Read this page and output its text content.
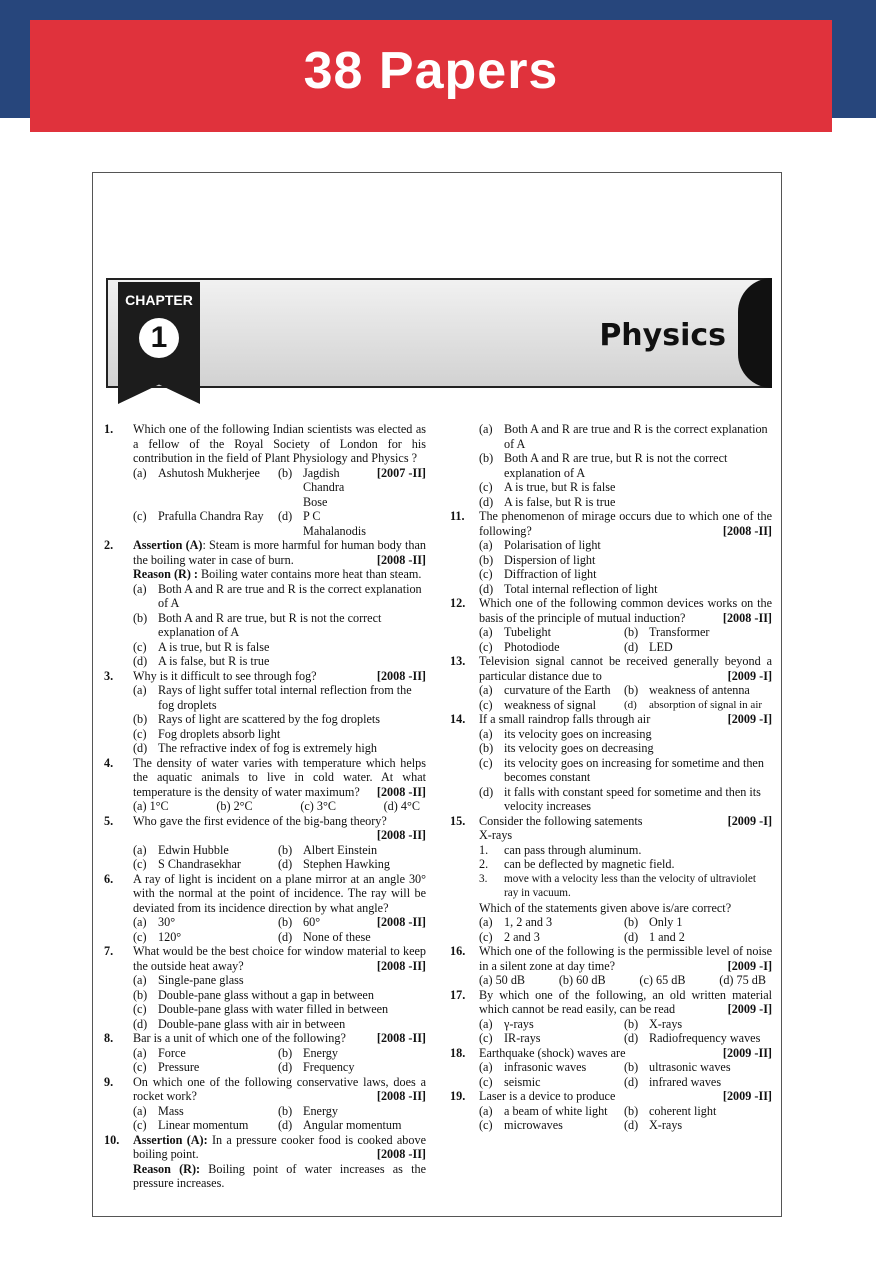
38 Papers
CHAPTER
1	Physics
1.	Which one of the following Indian scientists was elected as a fellow of the Royal Society of London for his contribution in the field of Plant Physiology and Physics ?
[2007 -II]
(a) Ashutosh Mukherjee	(b) Jagdish Chandra Bose
(c) Prafulla Chandra Ray	(d) P C Mahalanodis
2.	Assertion (A): Steam is more harmful for human body than the boiling water in case of burn.	[2008 -II]
Reason (R) : Boiling water contains more heat than steam.
(a) Both A and R are true and R is the correct explanation of A
(b) Both A and R are true, but R is not the correct explanation of A
(c) A is true, but R is false
(d) A is false, but R is true
3.	Why is it difficult to see through fog?	[2008 -II]
(a) Rays of light suffer total internal reflection from the fog droplets
(b) Rays of light are scattered by the fog droplets
(c) Fog droplets absorb light
(d) The refractive index of fog is extremely high
4.	The density of water varies with temperature which helps the aquatic animals to live in cold water. At what temperature is the density of water maximum? [2008 -II]
(a) 1°C	(b) 2°C	(c) 3°C	(d) 4°C
5.	Who gave the first evidence of the big-bang theory?
[2008 -II]
(a) Edwin Hubble	(b) Albert Einstein
(c) S Chandrasekhar	(d) Stephen Hawking
6.	A ray of light is incident on a plane mirror at an angle 30° with the normal at the point of incidence. The ray will be deviated from its incidence direction by what angle?
(a) 30°	(b) 60°	[2008 -II]
(c) 120°	(d) None of these
7.	What would be the best choice for window material to keep the outside heat away?	[2008 -II]
(a) Single-pane glass
(b) Double-pane glass without a gap in between
(c) Double-pane glass with water filled in between
(d) Double-pane glass with air in between
8.	Bar is a unit of which one of the following?	[2008 -II]
(a) Force	(b) Energy
(c) Pressure	(d) Frequency
9.	On which one of the following conservative laws, does a rocket work?	[2008 -II]
(a) Mass	(b) Energy
(c) Linear momentum	(d) Angular momentum
10.	Assertion (A): In a pressure cooker food is cooked above boiling point.	[2008 -II]
Reason (R): Boiling point of water increases as the pressure increases.
(a) Both A and R are true and R is the correct explanation of A
(b) Both A and R are true, but R is not the correct explanation of A
(c) A is true, but R is false
(d) A is false, but R is true
11.	The phenomenon of mirage occurs due to which one of the following?	[2008 -II]
(a) Polarisation of light
(b) Dispersion of light
(c) Diffraction of light
(d) Total internal reflection of light
12.	Which one of the following common devices works on the basis of the principle of mutual induction?	[2008 -II]
(a) Tubelight	(b) Transformer
(c) Photodiode	(d) LED
13.	Television signal cannot be received generally beyond a particular distance due to	[2009 -I]
(a) curvature of the Earth	(b) weakness of antenna
(c) weakness of signal	(d)	absorption of signal in air
14.	If a small raindrop falls through air	[2009 -I]
(a) its velocity goes on increasing
(b) its velocity goes on decreasing
(c) its velocity goes on increasing for sometime and then becomes constant
(d) it falls with constant speed for sometime and then its velocity increases
15.	Consider the following satements	[2009 -I]
X-rays
1.	can pass through aluminum.
2.	can be deflected by magnetic field.
3.	move with a velocity less than the velocity of ultraviolet ray in vacuum.
Which of the statements given above is/are correct?
(a) 1, 2 and 3	(b) Only 1
(c) 2 and 3	(d) 1 and 2
16.	Which one of the following is the permissible level of noise in a silent zone at day time?	[2009 -I]
(a) 50 dB	(b) 60 dB	(c) 65 dB	(d) 75 dB
17.	By which one of the following, an old written material which cannot be read easily, can be read	[2009 -I]
(a) γ-rays	(b) X-rays
(c) IR-rays	(d) Radiofrequency waves
18.	Earthquake (shock) waves are	[2009 -II]
(a) infrasonic waves	(b) ultrasonic waves
(c) seismic	(d) infrared waves
19.	Laser is a device to produce	[2009 -II]
(a) a beam of white light	(b) coherent light
(c) microwaves	(d) X-rays
